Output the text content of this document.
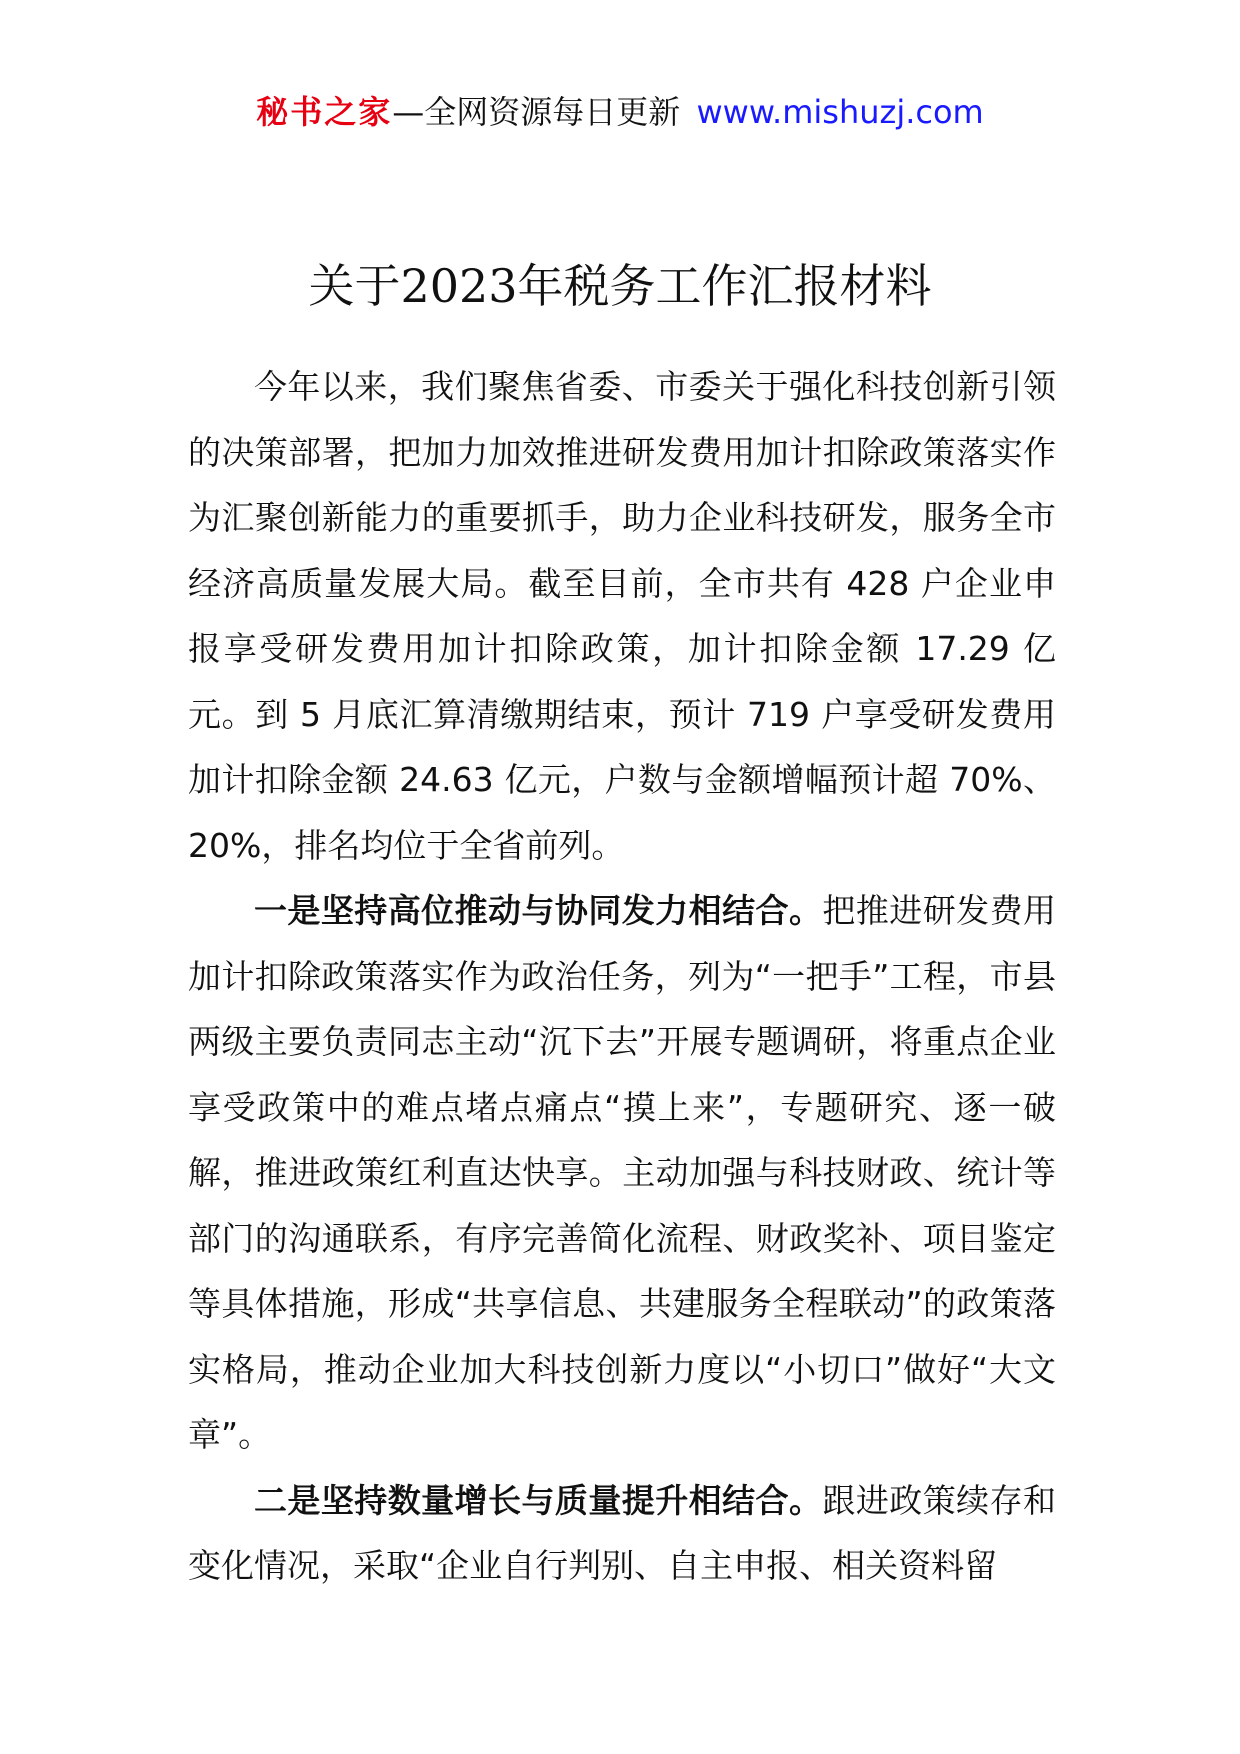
秘书之家—全网资源每日更新 www.mishuzj.com
关于2023年税务工作汇报材料

今年以来，我们聚焦省委、市委关于强化科技创新引领的决策部署，把加力加效推进研发费用加计扣除政策落实作为汇聚创新能力的重要抓手，助力企业科技研发，服务全市经济高质量发展大局。截至目前，全市共有 428 户企业申报享受研发费用加计扣除政策，加计扣除金额 17.29 亿元。到 5 月底汇算清缴期结束，预计 719 户享受研发费用加计扣除金额 24.63 亿元，户数与金额增幅预计超 70%、20%，排名均位于全省前列。

一是坚持高位推动与协同发力相结合。把推进研发费用加计扣除政策落实作为政治任务，列为“一把手”工程，市县两级主要负责同志主动“沉下去”开展专题调研，将重点企业享受政策中的难点堵点痛点“摸上来”，专题研究、逐一破解，推进政策红利直达快享。主动加强与科技财政、统计等部门的沟通联系，有序完善简化流程、财政奖补、项目鉴定等具体措施，形成“共享信息、共建服务全程联动”的政策落实格局，推动企业加大科技创新力度以“小切口”做好“大文章”。

二是坚持数量增长与质量提升相结合。跟进政策续存和变化情况，采取“企业自行判别、自主申报、相关资料留
